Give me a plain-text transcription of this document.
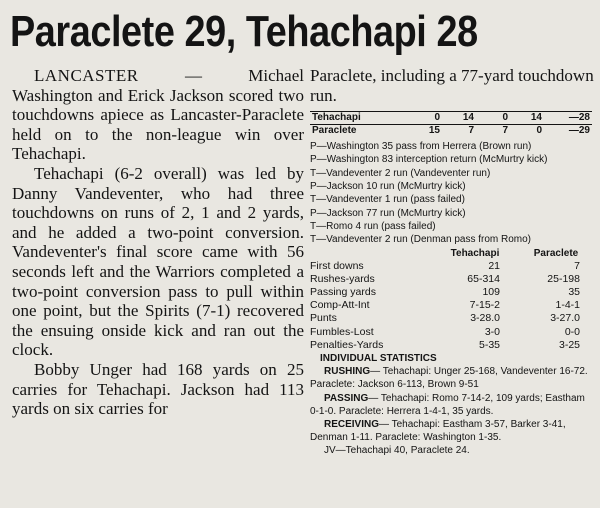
Paraclete 29, Tehachapi 28

LANCASTER —	Michael Washington and Erick Jackson scored two touchdowns apiece as Lancaster-Paraclete held on to the non-league win over Tehachapi.

Tehachapi (6-2 overall) was led by Danny Vandeventer, who had three touchdowns on runs of 2, 1 and 2 yards, and he added a two-point conversion. Vandeventer's final score came with 56 seconds left and the Warriors completed a two-point conversion pass to pull within one point, but the Spirits (7-1) recovered the ensuing onside kick and ran out the clock.

Bobby Unger had 168 yards on 25 carries for Tehachapi. Jackson had 113 yards on six carries for

Paraclete, including a 77-yard touchdown run.

Tehachapi	0	14	0	14	—28
Paraclete	15	7	7	0	—29
P—Washington 35 pass from Herrera (Brown run)
P—Washington 83 interception return (McMurtry kick)
T—Vandeventer 2 run (Vandeventer run)
P—Jackson 10 run (McMurtry kick)
T—Vandeventer 1 run (pass failed)
P—Jackson 77 run (McMurtry kick)
T—Romo 4 run (pass failed)
T—Vandeventer 2 run (Denman pass from Romo)
Tehachapi	Paraclete
First downs	21	7
Rushes-yards	65-314	25-198
Passing yards	109	35
Comp-Att-Int	7-15-2	1-4-1
Punts	3-28.0	3-27.0
Fumbles-Lost	3-0	0-0
Penalties-Yards	5-35	3-25
INDIVIDUAL STATISTICS

RUSHING— Tehachapi: Unger 25-168, Vandeventer 16-72. Paraclete: Jackson 6-113, Brown 9-51

PASSING— Tehachapi: Romo 7-14-2, 109 yards; Eastham 0-1-0. Paraclete: Herrera 1-4-1, 35 yards.

RECEIVING— Tehachapi: Eastham 3-57, Barker 3-41, Denman 1-11. Paraclete: Washington 1-35.

JV—Tehachapi 40, Paraclete 24.
